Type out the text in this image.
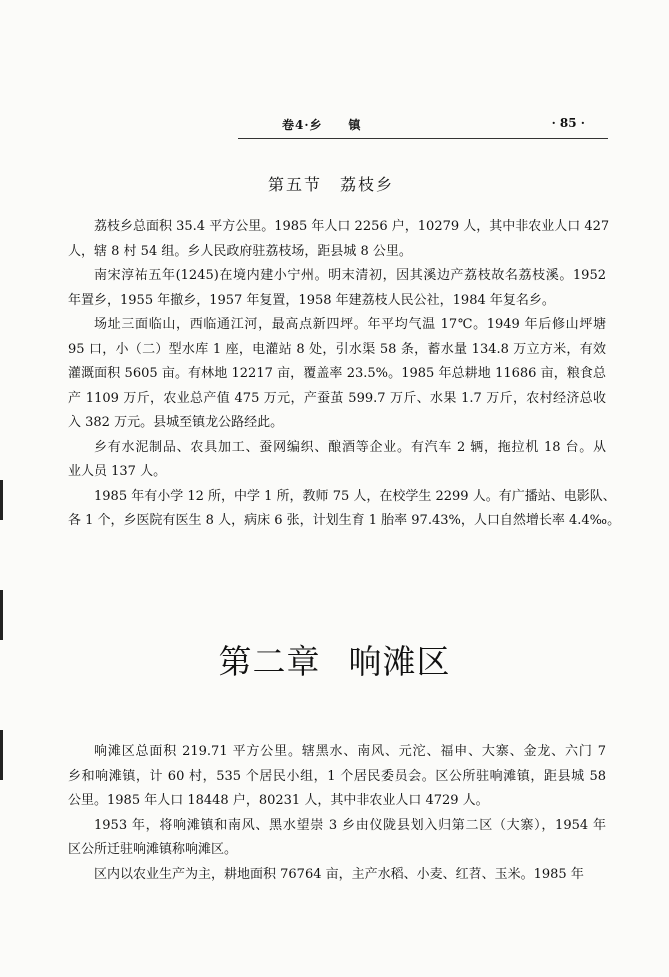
卷4·乡　　镇	· 85 ·
第五节　荔枝乡
荔枝乡总面积 35.4 平方公里。1985 年人口 2256 户，10279 人，其中非农业人口 427
人，辖 8 村 54 组。乡人民政府驻荔枝场，距县城 8 公里。
南宋淳祐五年(1245)在境内建小宁州。明末清初，因其溪边产荔枝故名荔枝溪。1952
年置乡，1955 年撤乡，1957 年复置，1958 年建荔枝人民公社，1984 年复名乡。
场址三面临山，西临通江河，最高点新四坪。年平均气温 17℃。1949 年后修山坪塘
95 口，小（二）型水库 1 座，电灌站 8 处，引水渠 58 条，蓄水量 134.8 万立方米，有效
灌溉面积 5605 亩。有林地 12217 亩，覆盖率 23.5%。1985 年总耕地 11686 亩，粮食总
产 1109 万斤，农业总产值 475 万元，产蚕茧 599.7 万斤、水果 1.7 万斤，农村经济总收
入 382 万元。县城至镇龙公路经此。
乡有水泥制品、农具加工、蚕网编织、酿酒等企业。有汽车 2 辆，拖拉机 18 台。从
业人员 137 人。
1985 年有小学 12 所，中学 1 所，教师 75 人，在校学生 2299 人。有广播站、电影队、
各 1 个，乡医院有医生 8 人，病床 6 张，计划生育 1 胎率 97.43%，人口自然增长率 4.4‰。
第二章 响滩区
响滩区总面积 219.71 平方公里。辖黑水、南风、元沱、福申、大寨、金龙、六门 7
乡和响滩镇，计 60 村，535 个居民小组，1 个居民委员会。区公所驻响滩镇，距县城 58
公里。1985 年人口 18448 户，80231 人，其中非农业人口 4729 人。
1953 年，将响滩镇和南风、黑水望崇 3 乡由仪陇县划入归第二区（大寨），1954 年
区公所迁驻响滩镇称响滩区。
区内以农业生产为主，耕地面积 76764 亩，主产水稻、小麦、红苕、玉米。1985 年
